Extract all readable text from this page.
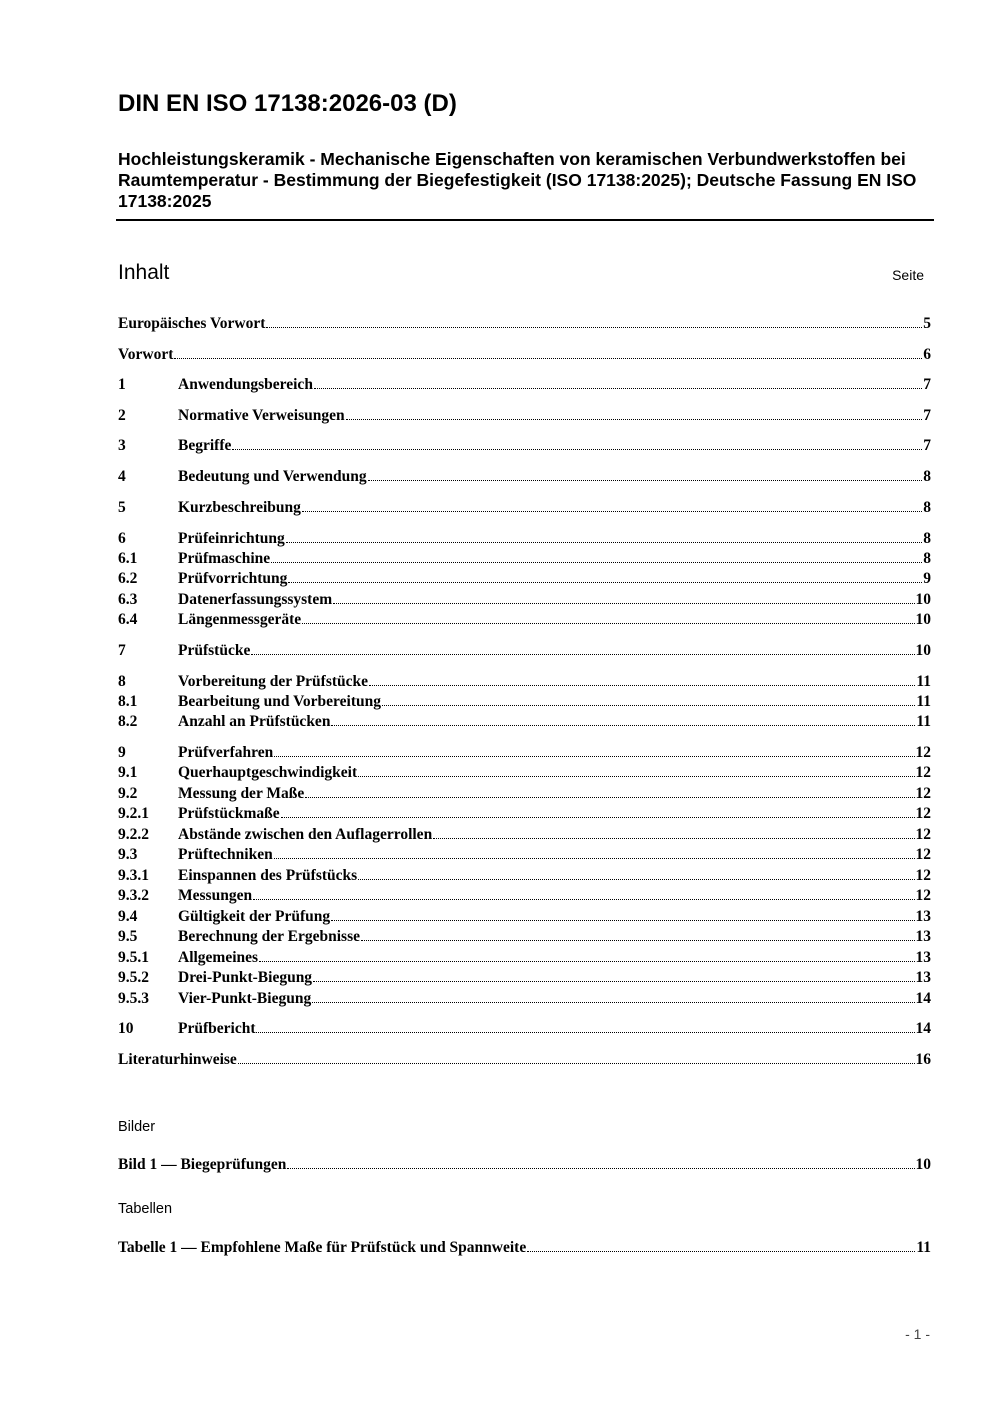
DIN EN ISO 17138:2026-03 (D)

Hochleistungskeramik - Mechanische Eigenschaften von keramischen Verbundwerkstoffen bei Raumtemperatur - Bestimmung der Biegefestigkeit (ISO 17138:2025); Deutsche Fassung EN ISO 17138:2025

Inhalt	Seite
Europäisches Vorwort	5
Vorwort	6
1	Anwendungsbereich	7
2	Normative Verweisungen	7
3	Begriffe	7
4	Bedeutung und Verwendung	8
5	Kurzbeschreibung	8
6	Prüfeinrichtung	8
6.1	Prüfmaschine	8
6.2	Prüfvorrichtung	9
6.3	Datenerfassungssystem	10
6.4	Längenmessgeräte	10
7	Prüfstücke	10
8	Vorbereitung der Prüfstücke	11
8.1	Bearbeitung und Vorbereitung	11
8.2	Anzahl an Prüfstücken	11
9	Prüfverfahren	12
9.1	Querhauptgeschwindigkeit	12
9.2	Messung der Maße	12
9.2.1	Prüfstückmaße	12
9.2.2	Abstände zwischen den Auflagerrollen	12
9.3	Prüftechniken	12
9.3.1	Einspannen des Prüfstücks	12
9.3.2	Messungen	12
9.4	Gültigkeit der Prüfung	13
9.5	Berechnung der Ergebnisse	13
9.5.1	Allgemeines	13
9.5.2	Drei-Punkt-Biegung	13
9.5.3	Vier-Punkt-Biegung	14
10	Prüfbericht	14
Literaturhinweise	16
Bilder
Bild 1 — Biegeprüfungen	10
Tabellen
Tabelle 1 — Empfohlene Maße für Prüfstück und Spannweite	11
- 1 -
